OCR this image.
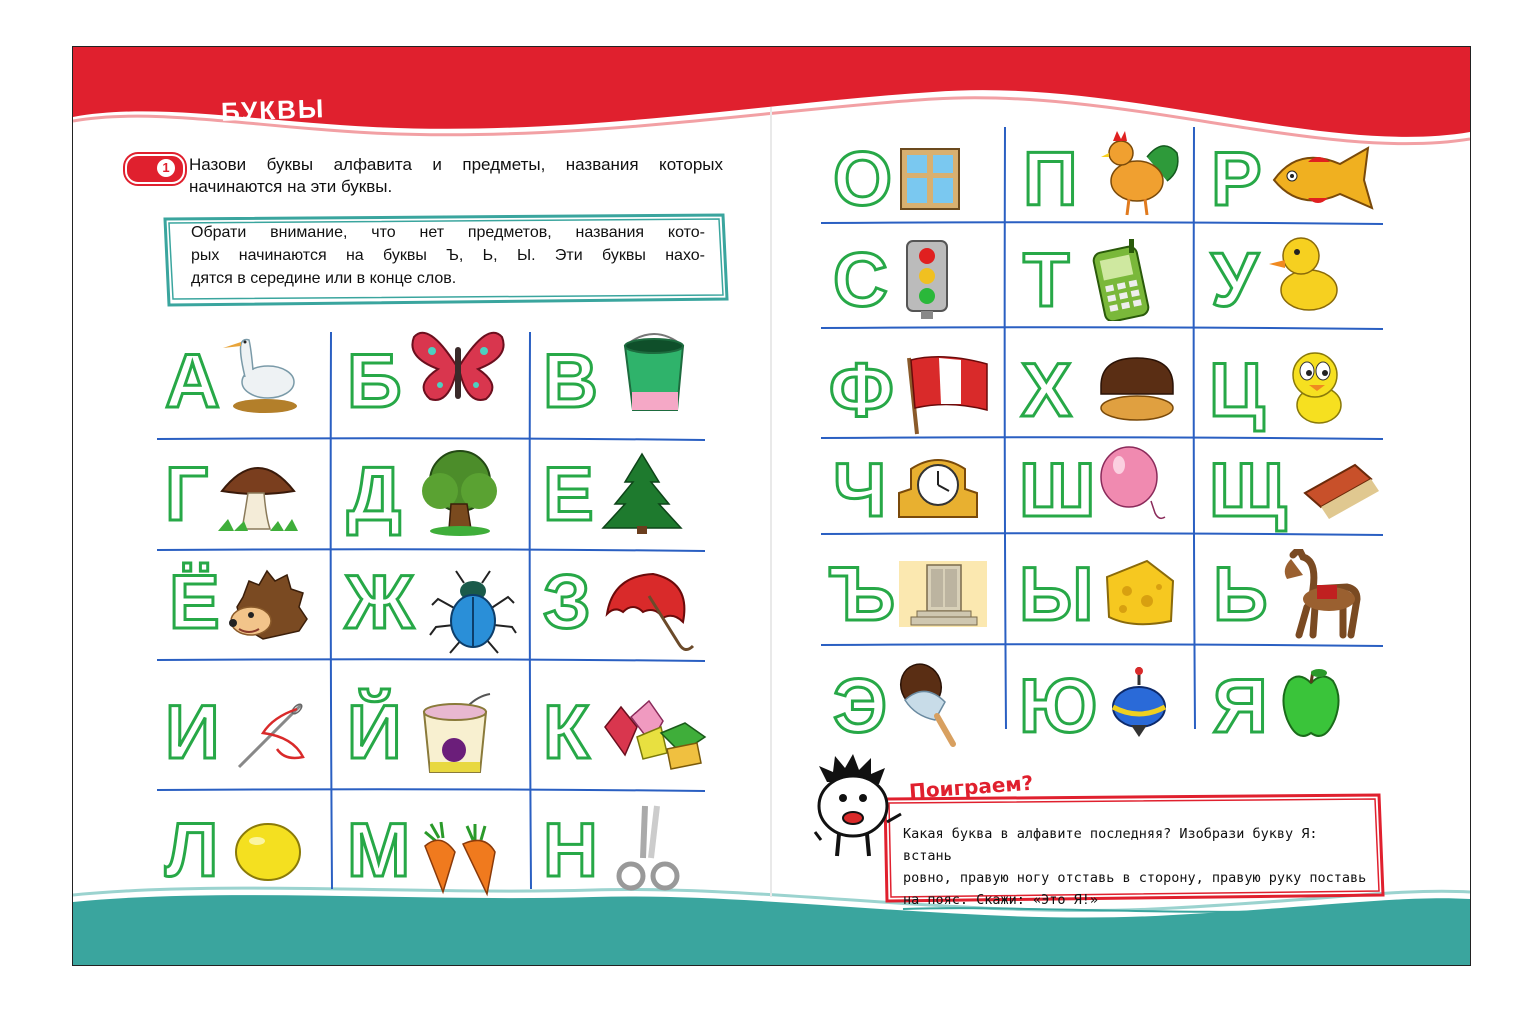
БУКВЫ
1	Назови буквы алфавита и предметы, названия которых
начинаются на эти буквы.

Обрати внимание, что нет предметов, названия кото-

рых начинаются на буквы Ъ, Ь, Ы. Эти буквы нахо-

дятся в середине или в конце слов.

А Б В
Г Д Е
Ё Ж З
И Й К
Л М Н
О П Р
С Т У
Ф Х Ц
Ч Ш Щ
Ъ Ы Ь
Э Ю Я
Поиграем?

Какая буква в алфавите последняя? Изобрази букву Я: встань

ровно, правую ногу отставь в сторону, правую руку поставь

на пояс. Скажи: «Это Я!»
